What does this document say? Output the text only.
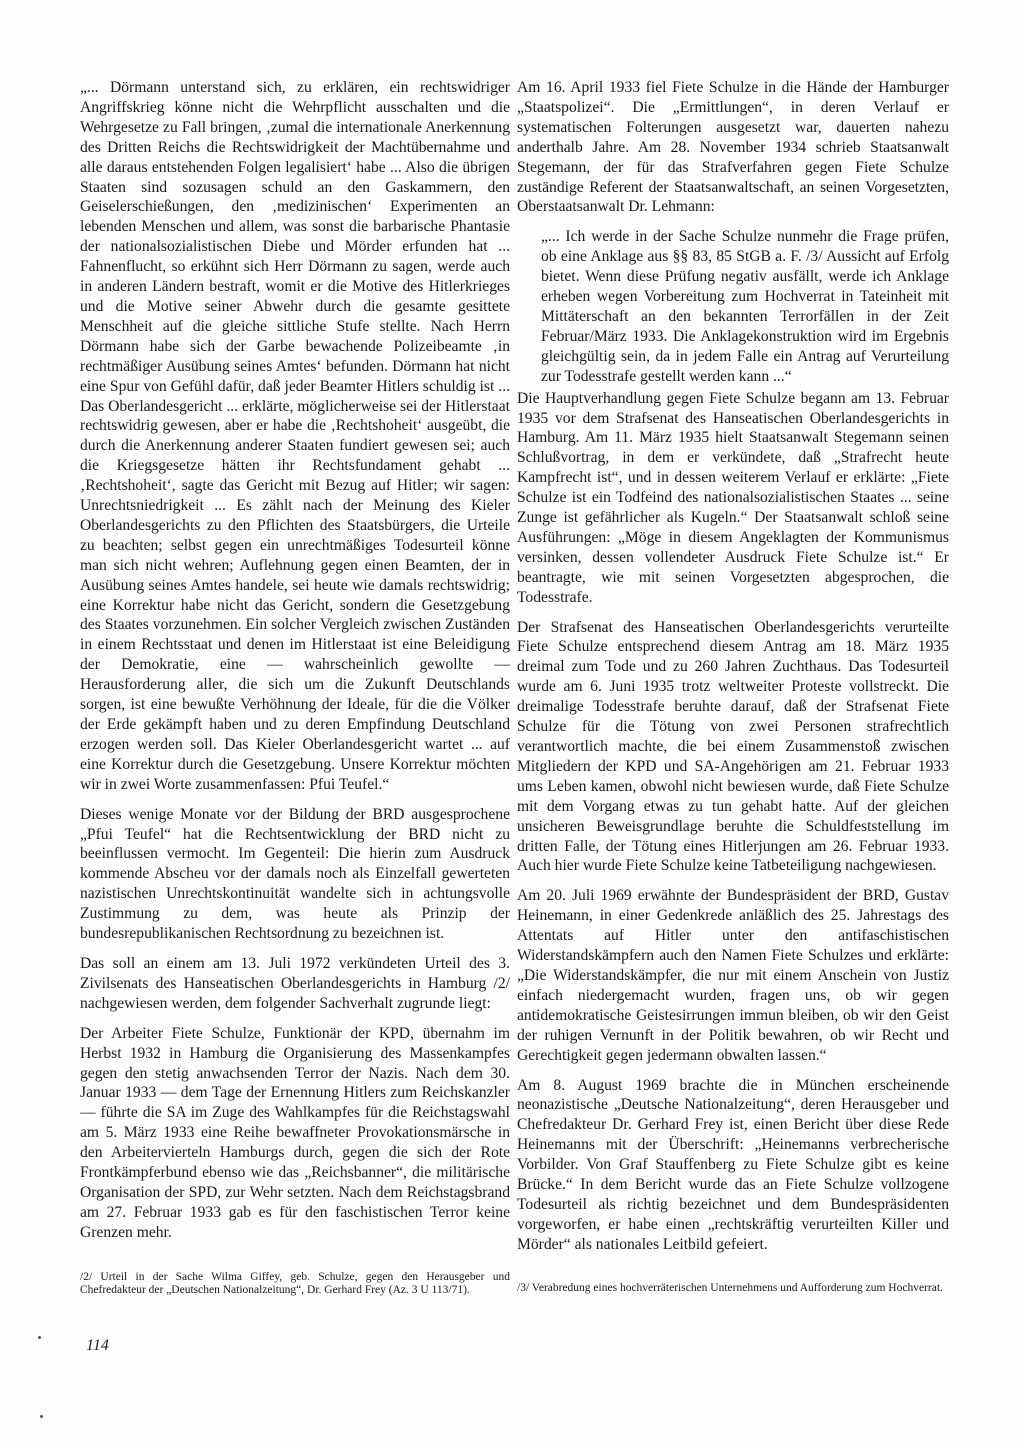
„... Dörmann unterstand sich, zu erklären, ein rechtswidriger Angriffskrieg könne nicht die Wehrpflicht ausschalten und die Wehrgesetze zu Fall bringen, ‚zumal die internationale Anerkennung des Dritten Reichs die Rechtswidrigkeit der Machtübernahme und alle daraus entstehenden Folgen legalisiert‘ habe ... Also die übrigen Staaten sind sozusagen schuld an den Gaskammern, den Geiselerschießungen, den ‚medizinischen‘ Experimenten an lebenden Menschen und allem, was sonst die barbarische Phantasie der nationalsozialistischen Diebe und Mörder erfunden hat ... Fahnenflucht, so erkühnt sich Herr Dörmann zu sagen, werde auch in anderen Ländern bestraft, womit er die Motive des Hitlerkrieges und die Motive seiner Abwehr durch die gesamte gesittete Menschheit auf die gleiche sittliche Stufe stellte. Nach Herrn Dörmann habe sich der Garbe bewachende Polizeibeamte ‚in rechtmäßiger Ausübung seines Amtes‘ befunden. Dörmann hat nicht eine Spur von Gefühl dafür, daß jeder Beamter Hitlers schuldig ist ... Das Oberlandesgericht ... erklärte, möglicherweise sei der Hitlerstaat rechtswidrig gewesen, aber er habe die ‚Rechtshoheit‘ ausgeübt, die durch die Anerkennung anderer Staaten fundiert gewesen sei; auch die Kriegsgesetze hätten ihr Rechtsfundament gehabt ... ‚Rechtshoheit‘, sagte das Gericht mit Bezug auf Hitler; wir sagen: Unrechtsniedrigkeit ... Es zählt nach der Meinung des Kieler Oberlandesgerichts zu den Pflichten des Staatsbürgers, die Urteile zu beachten; selbst gegen ein unrechtmäßiges Todesurteil könne man sich nicht wehren; Auflehnung gegen einen Beamten, der in Ausübung seines Amtes handele, sei heute wie damals rechtswidrig; eine Korrektur habe nicht das Gericht, sondern die Gesetzgebung des Staates vorzunehmen. Ein solcher Vergleich zwischen Zuständen in einem Rechtsstaat und denen im Hitlerstaat ist eine Beleidigung der Demokratie, eine — wahrscheinlich gewollte — Herausforderung aller, die sich um die Zukunft Deutschlands sorgen, ist eine bewußte Verhöhnung der Ideale, für die die Völker der Erde gekämpft haben und zu deren Empfindung Deutschland erzogen werden soll. Das Kieler Oberlandesgericht wartet ... auf eine Korrektur durch die Gesetzgebung. Unsere Korrektur möchten wir in zwei Worte zusammenfassen: Pfui Teufel.“

Dieses wenige Monate vor der Bildung der BRD ausgesprochene „Pfui Teufel“ hat die Rechtsentwicklung der BRD nicht zu beeinflussen vermocht. Im Gegenteil: Die hierin zum Ausdruck kommende Abscheu vor der damals noch als Einzelfall gewerteten nazistischen Unrechtskontinuität wandelte sich in achtungsvolle Zustimmung zu dem, was heute als Prinzip der bundesrepublikanischen Rechtsordnung zu bezeichnen ist.

Das soll an einem am 13. Juli 1972 verkündeten Urteil des 3. Zivilsenats des Hanseatischen Oberlandesgerichts in Hamburg /2/ nachgewiesen werden, dem folgender Sachverhalt zugrunde liegt:

Der Arbeiter Fiete Schulze, Funktionär der KPD, übernahm im Herbst 1932 in Hamburg die Organisierung des Massenkampfes gegen den stetig anwachsenden Terror der Nazis. Nach dem 30. Januar 1933 — dem Tage der Ernennung Hitlers zum Reichskanzler — führte die SA im Zuge des Wahlkampfes für die Reichstagswahl am 5. März 1933 eine Reihe bewaffneter Provokationsmärsche in den Arbeitervierteln Hamburgs durch, gegen die sich der Rote Frontkämpferbund ebenso wie das „Reichsbanner“, die militärische Organisation der SPD, zur Wehr setzten. Nach dem Reichstagsbrand am 27. Februar 1933 gab es für den faschistischen Terror keine Grenzen mehr.

/2/ Urteil in der Sache Wilma Giffey, geb. Schulze, gegen den Herausgeber und Chefredakteur der „Deutschen Nationalzeitung“, Dr. Gerhard Frey (Az. 3 U 113/71).

Am 16. April 1933 fiel Fiete Schulze in die Hände der Hamburger „Staatspolizei“. Die „Ermittlungen“, in deren Verlauf er systematischen Folterungen ausgesetzt war, dauerten nahezu anderthalb Jahre. Am 28. November 1934 schrieb Staatsanwalt Stegemann, der für das Strafverfahren gegen Fiete Schulze zuständige Referent der Staatsanwaltschaft, an seinen Vorgesetzten, Oberstaatsanwalt Dr. Lehmann:

„... Ich werde in der Sache Schulze nunmehr die Frage prüfen, ob eine Anklage aus §§ 83, 85 StGB a. F. /3/ Aussicht auf Erfolg bietet. Wenn diese Prüfung negativ ausfällt, werde ich Anklage erheben wegen Vorbereitung zum Hochverrat in Tateinheit mit Mittäterschaft an den bekannten Terrorfällen in der Zeit Februar/März 1933. Die Anklagekonstruktion wird im Ergebnis gleichgültig sein, da in jedem Falle ein Antrag auf Verurteilung zur Todesstrafe gestellt werden kann ...“

Die Hauptverhandlung gegen Fiete Schulze begann am 13. Februar 1935 vor dem Strafsenat des Hanseatischen Oberlandesgerichts in Hamburg. Am 11. März 1935 hielt Staatsanwalt Stegemann seinen Schlußvortrag, in dem er verkündete, daß „Strafrecht heute Kampfrecht ist“, und in dessen weiterem Verlauf er erklärte: „Fiete Schulze ist ein Todfeind des nationalsozialistischen Staates ... seine Zunge ist gefährlicher als Kugeln.“ Der Staatsanwalt schloß seine Ausführungen: „Möge in diesem Angeklagten der Kommunismus versinken, dessen vollendeter Ausdruck Fiete Schulze ist.“ Er beantragte, wie mit seinen Vorgesetzten abgesprochen, die Todesstrafe.

Der Strafsenat des Hanseatischen Oberlandesgerichts verurteilte Fiete Schulze entsprechend diesem Antrag am 18. März 1935 dreimal zum Tode und zu 260 Jahren Zuchthaus. Das Todesurteil wurde am 6. Juni 1935 trotz weltweiter Proteste vollstreckt. Die dreimalige Todesstrafe beruhte darauf, daß der Strafsenat Fiete Schulze für die Tötung von zwei Personen strafrechtlich verantwortlich machte, die bei einem Zusammenstoß zwischen Mitgliedern der KPD und SA-Angehörigen am 21. Februar 1933 ums Leben kamen, obwohl nicht bewiesen wurde, daß Fiete Schulze mit dem Vorgang etwas zu tun gehabt hatte. Auf der gleichen unsicheren Beweisgrundlage beruhte die Schuldfeststellung im dritten Falle, der Tötung eines Hitlerjungen am 26. Februar 1933. Auch hier wurde Fiete Schulze keine Tatbeteiligung nachgewiesen.

Am 20. Juli 1969 erwähnte der Bundespräsident der BRD, Gustav Heinemann, in einer Gedenkrede anläßlich des 25. Jahrestags des Attentats auf Hitler unter den antifaschistischen Widerstandskämpfern auch den Namen Fiete Schulzes und erklärte: „Die Widerstandskämpfer, die nur mit einem Anschein von Justiz einfach niedergemacht wurden, fragen uns, ob wir gegen antidemokratische Geistesirrungen immun bleiben, ob wir den Geist der ruhigen Vernunft in der Politik bewahren, ob wir Recht und Gerechtigkeit gegen jedermann obwalten lassen.“

Am 8. August 1969 brachte die in München erscheinende neonazistische „Deutsche Nationalzeitung“, deren Herausgeber und Chefredakteur Dr. Gerhard Frey ist, einen Bericht über diese Rede Heinemanns mit der Überschrift: „Heinemanns verbrecherische Vorbilder. Von Graf Stauffenberg zu Fiete Schulze gibt es keine Brücke.“ In dem Bericht wurde das an Fiete Schulze vollzogene Todesurteil als richtig bezeichnet und dem Bundespräsidenten vorgeworfen, er habe einen „rechtskräftig verurteilten Killer und Mörder“ als nationales Leitbild gefeiert.

/3/ Verabredung eines hochverräterischen Unternehmens und Aufforderung zum Hochverrat.

114
